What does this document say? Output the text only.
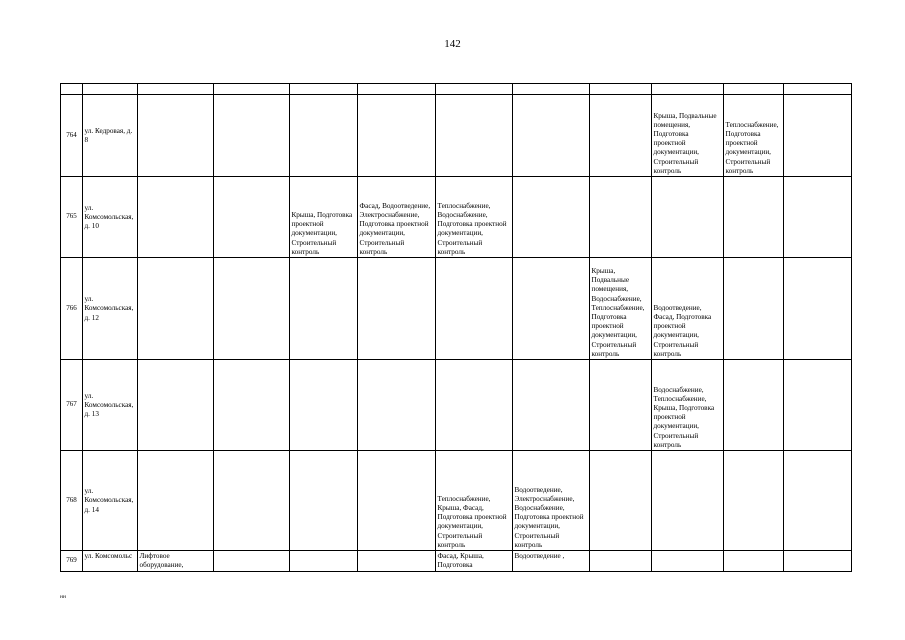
142

764	ул. Кедровая, д. 8								Крыша, Подвальные помещения, Подготовка проектной документации, Строительный контроль	Теплоснабжение, Подготовка проектной документации, Строительный контроль	
765	ул. Комсомольская, д. 10			Крыша, Подготовка проектной документации, Строительный контроль	Фасад, Водоотведение, Электроснабжение, Подготовка проектной документации, Строительный контроль	Теплоснабжение, Водоснабжение, Подготовка проектной документации, Строительный контроль					
766	ул. Комсомольская, д. 12							Крыша, Подвальные помещения, Водоснабжение, Теплоснабжение, Подготовка проектной документации, Строительный контроль	Водоотведение, Фасад, Подготовка проектной документации, Строительный контроль		
767	ул. Комсомольская, д. 13								Водоснабжение, Теплоснабжение, Крыша, Подготовка проектной документации, Строительный контроль		
768	ул. Комсомольская, д. 14					Теплоснабжение, Крыша, Фасад, Подготовка проектной документации, Строительный контроль	Водоотведение, Электроснабжение, Водоснабжение, Подготовка проектной документации, Строительный контроль				
769	ул. Комсомольс	Лифтовое оборудование,				Фасад, Крыша, Подготовка	Водоотведение ,				
нн
